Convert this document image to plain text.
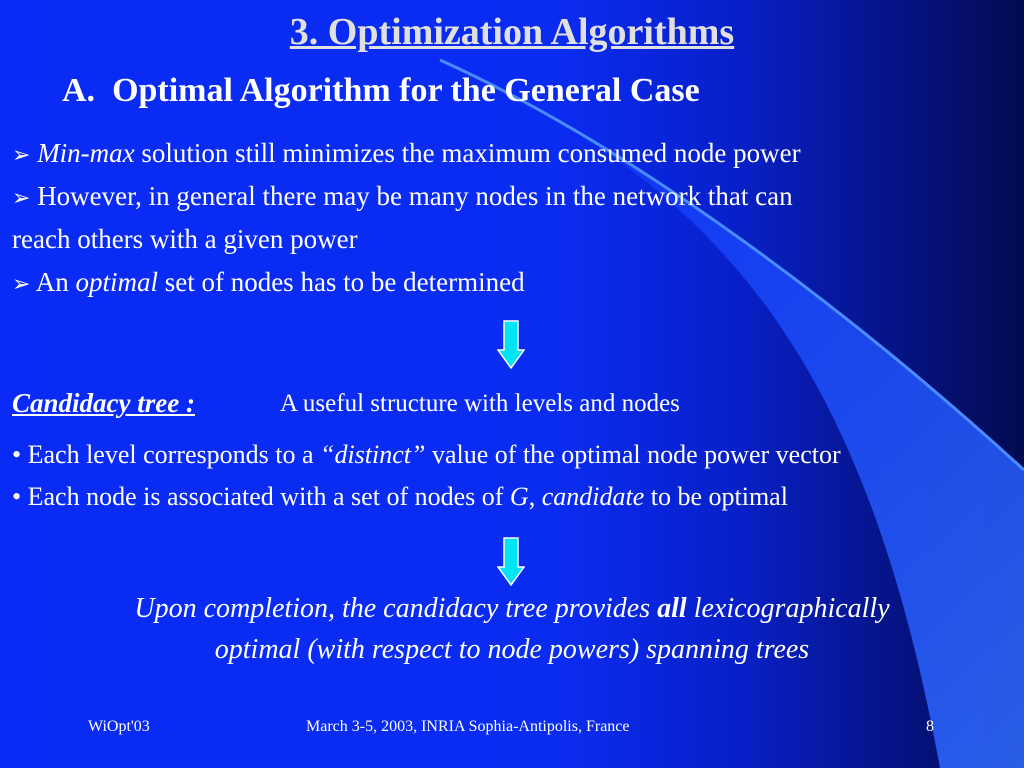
3. Optimization Algorithms
A. Optimal Algorithm for the General Case
➢ Min-max solution still minimizes the maximum consumed node power
➢ However, in general there may be many nodes in the network that can
reach others with a given power
➢ An optimal set of nodes has to be determined
Candidacy tree :	A useful structure with levels and nodes
• Each level corresponds to a “distinct” value of the optimal node power vector
• Each node is associated with a set of nodes of G, candidate to be optimal
Upon completion, the candidacy tree provides all lexicographically
optimal (with respect to node powers) spanning trees
WiOpt'03	March 3-5, 2003, INRIA Sophia-Antipolis, France	8
